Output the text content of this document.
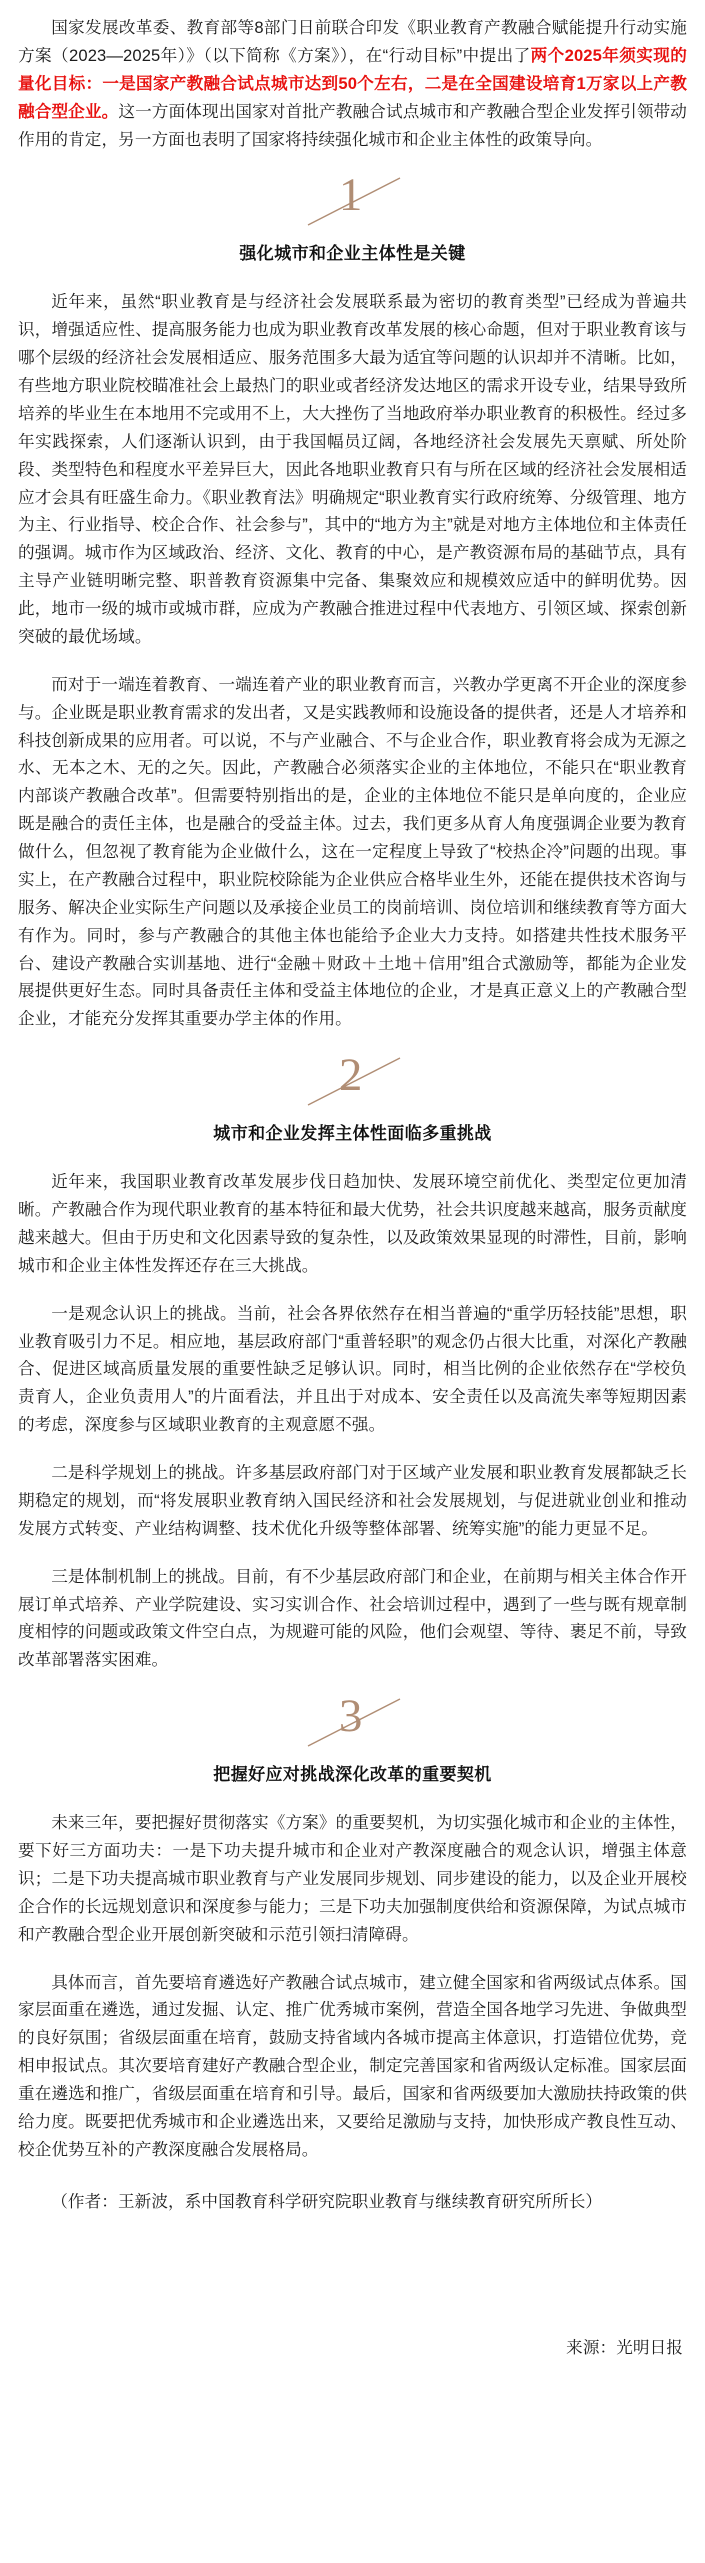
国家发展改革委、教育部等8部门日前联合印发《职业教育产教融合赋能提升行动实施方案（2023—2025年）》（以下简称《方案》），在“行动目标”中提出了两个2025年须实现的量化目标：一是国家产教融合试点城市达到50个左右，二是在全国建设培育1万家以上产教融合型企业。这一方面体现出国家对首批产教融合试点城市和产教融合型企业发挥引领带动作用的肯定，另一方面也表明了国家将持续强化城市和企业主体性的政策导向。

1
强化城市和企业主体性是关键

近年来，虽然“职业教育是与经济社会发展联系最为密切的教育类型”已经成为普遍共识，增强适应性、提高服务能力也成为职业教育改革发展的核心命题，但对于职业教育该与哪个层级的经济社会发展相适应、服务范围多大最为适宜等问题的认识却并不清晰。比如，有些地方职业院校瞄准社会上最热门的职业或者经济发达地区的需求开设专业，结果导致所培养的毕业生在本地用不完或用不上，大大挫伤了当地政府举办职业教育的积极性。经过多年实践探索，人们逐渐认识到，由于我国幅员辽阔，各地经济社会发展先天禀赋、所处阶段、类型特色和程度水平差异巨大，因此各地职业教育只有与所在区域的经济社会发展相适应才会具有旺盛生命力。《职业教育法》明确规定“职业教育实行政府统筹、分级管理、地方为主、行业指导、校企合作、社会参与”，其中的“地方为主”就是对地方主体地位和主体责任的强调。城市作为区域政治、经济、文化、教育的中心，是产教资源布局的基础节点，具有主导产业链明晰完整、职普教育资源集中完备、集聚效应和规模效应适中的鲜明优势。因此，地市一级的城市或城市群，应成为产教融合推进过程中代表地方、引领区域、探索创新突破的最优场域。

而对于一端连着教育、一端连着产业的职业教育而言，兴教办学更离不开企业的深度参与。企业既是职业教育需求的发出者，又是实践教师和设施设备的提供者，还是人才培养和科技创新成果的应用者。可以说，不与产业融合、不与企业合作，职业教育将会成为无源之水、无本之木、无的之矢。因此，产教融合必须落实企业的主体地位，不能只在“职业教育内部谈产教融合改革”。但需要特别指出的是，企业的主体地位不能只是单向度的，企业应既是融合的责任主体，也是融合的受益主体。过去，我们更多从育人角度强调企业要为教育做什么，但忽视了教育能为企业做什么，这在一定程度上导致了“校热企冷”问题的出现。事实上，在产教融合过程中，职业院校除能为企业供应合格毕业生外，还能在提供技术咨询与服务、解决企业实际生产问题以及承接企业员工的岗前培训、岗位培训和继续教育等方面大有作为。同时，参与产教融合的其他主体也能给予企业大力支持。如搭建共性技术服务平台、建设产教融合实训基地、进行“金融＋财政＋土地＋信用”组合式激励等，都能为企业发展提供更好生态。同时具备责任主体和受益主体地位的企业，才是真正意义上的产教融合型企业，才能充分发挥其重要办学主体的作用。

2
城市和企业发挥主体性面临多重挑战

近年来，我国职业教育改革发展步伐日趋加快、发展环境空前优化、类型定位更加清晰。产教融合作为现代职业教育的基本特征和最大优势，社会共识度越来越高，服务贡献度越来越大。但由于历史和文化因素导致的复杂性，以及政策效果显现的时滞性，目前，影响城市和企业主体性发挥还存在三大挑战。

一是观念认识上的挑战。当前，社会各界依然存在相当普遍的“重学历轻技能”思想，职业教育吸引力不足。相应地，基层政府部门“重普轻职”的观念仍占很大比重，对深化产教融合、促进区域高质量发展的重要性缺乏足够认识。同时，相当比例的企业依然存在“学校负责育人，企业负责用人”的片面看法，并且出于对成本、安全责任以及高流失率等短期因素的考虑，深度参与区域职业教育的主观意愿不强。

二是科学规划上的挑战。许多基层政府部门对于区域产业发展和职业教育发展都缺乏长期稳定的规划，而“将发展职业教育纳入国民经济和社会发展规划，与促进就业创业和推动发展方式转变、产业结构调整、技术优化升级等整体部署、统筹实施”的能力更显不足。

三是体制机制上的挑战。目前，有不少基层政府部门和企业，在前期与相关主体合作开展订单式培养、产业学院建设、实习实训合作、社会培训过程中，遇到了一些与既有规章制度相悖的问题或政策文件空白点，为规避可能的风险，他们会观望、等待、裹足不前，导致改革部署落实困难。

3
把握好应对挑战深化改革的重要契机

未来三年，要把握好贯彻落实《方案》的重要契机，为切实强化城市和企业的主体性，要下好三方面功夫：一是下功夫提升城市和企业对产教深度融合的观念认识，增强主体意识；二是下功夫提高城市职业教育与产业发展同步规划、同步建设的能力，以及企业开展校企合作的长远规划意识和深度参与能力；三是下功夫加强制度供给和资源保障，为试点城市和产教融合型企业开展创新突破和示范引领扫清障碍。

具体而言，首先要培育遴选好产教融合试点城市，建立健全国家和省两级试点体系。国家层面重在遴选，通过发掘、认定、推广优秀城市案例，营造全国各地学习先进、争做典型的良好氛围；省级层面重在培育，鼓励支持省域内各城市提高主体意识，打造错位优势，竞相申报试点。其次要培育建好产教融合型企业，制定完善国家和省两级认定标准。国家层面重在遴选和推广，省级层面重在培育和引导。最后，国家和省两级要加大激励扶持政策的供给力度。既要把优秀城市和企业遴选出来，又要给足激励与支持，加快形成产教良性互动、校企优势互补的产教深度融合发展格局。

（作者：王新波，系中国教育科学研究院职业教育与继续教育研究所所长）

来源：光明日报
